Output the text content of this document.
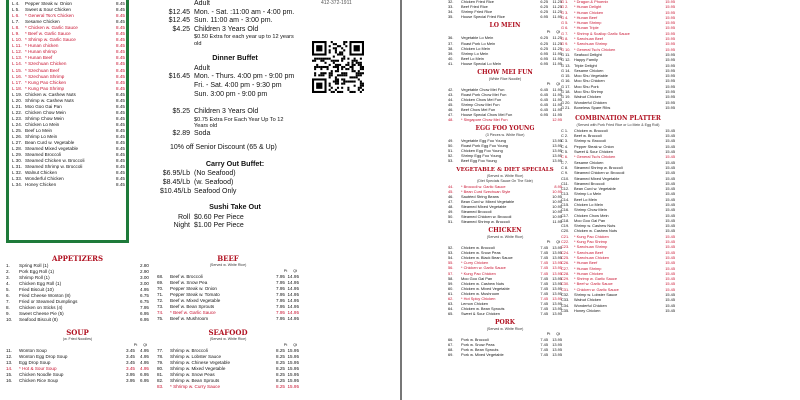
L 4.	Pepper Steak w. Onion	8.45
L 5.	Sweet & Sour Chicken	8.45
L 6.	* General Tso's Chicken	8.45
L 7.	Sesame Chicken	8.45
L 8.	* Chicken w. Garlic Sauce	8.45
L 9.	* Beef w. Garlic Sauce	8.45
L 10. * Shrimp w. Garlic Sauce	8.45
L 11. * Hunan chicken	8.45
L 12. * Hunan shrimp	8.45
L 13. * Hunan Beef	8.45
L 14. * Szechuan Chicken	8.45
L 15. * Szechuan Beef	8.45
L 16. * Szechuan Shrimp	8.45
L 17. * Kung Pao Chicken	8.45
L 18. * Kung Pao Shrimp	8.45
L 19. Chicken w. Cashew Nuts	8.45
L 20. Shrimp w. Cashew Nuts	8.45
L 21. Moo Goo Gai Pan	8.45
L 22. Chicken Chow Mein	8.45
L 23. Shrimp Chow Mein	8.45
L 24. Chicken Lo Mein	8.45
L 25. Beef Lo Mein	8.45
L 26. Shrimp Lo Mein	8.45
L 27. Bean Curd w. Vegetable	8.45
L 28. Steamed Mixed vegetable	8.45
L 29. Steamed Broccoli	8.45
L 30. Steamed Chicken w. Broccoli	8.45
L 31. Steamed Shrimp w. Broccoli	8.45
L 32. Walnut Chicken	8.45
L 33. Wonderful Chicken	8.45
L 34. Honey Chicken	8.45
Adult
$12.45 Mon. - Sat. :11:00 am - 4:00 pm.
$12.45 Sun. 11:00 am - 3:00 pm.
$4.25 Children 3 Years Old
$0.50 Extra for each year up to 12 years old
Dinner Buffet
Adult
$16.45 Mon. - Thurs. 4:00 pm - 9:00 pm
Fri. - Sat. 4:00 pm - 9:30 pm
Sun. 3:00 pm - 9:00 pm
$5.25 Children 3 Years Old
$0.75 Extra For Each Year Up To 12 Years old
$2.89 Soda
10% off Senior Discount (65 & Up)
Carry Out Buffet:
$6.95/Lb (No Seafood)
$8.45/Lb (w. Seafood)
$10.45/Lb Seafood Only
Sushi Take Out
Roll $0.60 Per Piece
Night $1.00 Per Piece
412-372-1911
APPETIZERS
1.	Spring Roll (1)	2.80
2.	Pork Egg Roll (1)	2.90
3.	Shrimp Roll (1)	3.00
4.	Chicken Egg Roll (1)	3.00
5.	Fried Biscuit (10)	4.95
6.	Fried Cheese Wonton (8)	6.75
7.	Fried or Steamed Dumplings	6.75
8.	Chicken on Sticks (4)	7.95
9.	Sweet Cheese Pie (5)	6.95
10.	Seafood Biscuit (8)	6.95
SOUP
(w. Fried Noodles)
Pt Qt
11.	Wonton Soup	3.45	4.95
12.	Wonton Egg Drop Soup	3.45	4.95
13.	Egg Drop Soup	3.45	4.95
14.	* Hot & Sour Soup	3.45	4.95
15.	Chicken Noodle Soup	3.95	6.95
16.	Chicken Rice Soup	3.95	6.95
BEEF
(Served w. White Rice)
Pt Qt
68.	Beef w. Broccoli	7.95 14.95
69.	Beef w. Snow Pea	7.95 14.95
70.	Pepper Steak w. Onion	7.95 14.95
71.	Pepper Steak w. Tomato	7.95 14.95
72.	Beef w. Mixed Vegetable	7.95 14.95
73.	Beef w. Bean Sprouts	7.95 14.95
74.	* Beef w. Garlic Sauce	7.95 14.95
75.	Beef w. Mushroom	7.95 14.95
SEAFOOD
(Served w. White Rice)
Pt Qt
77.	Shrimp w. Broccoli	8.25 15.95
78.	Shrimp w. Lobster Sauce	8.25 15.95
79.	Shrimp w. Chinese Vegetable	8.25 15.95
80.	Shrimp w. Mixed Vegetable	8.25 15.95
81.	Shrimp w. Snow Peas	8.25 15.95
82.	Shrimp w. Bean Sprouts	8.25 15.95
83.	* Shrimp w. Curry Sauce	8.25 15.95
32.	Chicken Fried Rice	6.25	11.25
33.	Beef Fried Rice	6.25	11.25
34.	Shrimp Fried Rice	6.25	11.25
35.	House Special Fried Rice	6.95	11.95
LO MEIN
Pt Qt
36.	Vegetable Lo Mein	6.25	11.25
37.	Roast Pork Lo Mein	6.25	11.25
38.	Chicken Lo Mein	6.25	11.25
39.	Shrimp Lo Mein	6.95	11.95
40.	Beef Lo Mein	6.95	11.95
41.	House Special Lo Mein	6.95	11.95
CHOW MEI FUN
(White Rice Noodle)
Pt Qt
42.	Vegetable Chow Mei Fun	6.45	11.95
43.	Roast Pork Chow Mei Fun	6.45	11.95
44.	Chicken Chow Mei Fun	6.45	11.95
45.	Shrimp Chow Mei Fun	6.45	11.95
46.	Beef Chow Mei Fun	6.45	11.95
47.	House Special Chow Mei Fun	6.95	11.95
48.	* Singapore Chow Mei Fun	12.95
EGG FOO YOUNG
(3 Pieces w. White Rice)
49.	Vegetable Egg Foo Young	13.95
50.	Roast Pork Egg Foo Young	13.95
51.	Chicken Egg Foo Young	13.95
52.	Shrimp Egg Foo Young	13.95
53.	Beef Egg Foo Young	13.95
VEGETABLE & DIET SPECIALS
(Served w. White Rice)
(Diet Specials Sauce On The Side)
44.	* Broccoli w. Garlic Sauce	8.95
45.	* Bean Curd Szechuan Style	10.95
46.	Sautéed String Beans	10.95
47.	Bean Curd w. Mixed Vegetable	10.95
48.	Steamed Mixed Vegetable	10.95
49.	Steamed Broccoli	10.95
50.	Steamed Chicken w. Broccoli	10.95
51.	Steamed Shrimp w. Broccoli	11.95
CHICKEN
(Served w. White Rice)
Pt Qt
52.	Chicken w. Broccoli	7.45	13.95
53.	Chicken w. Snow Peas	7.45	13.95
54.	Chicken w. Black Bean Sauce	7.45	13.95
55.	* Curry Chicken	7.45	13.95
56.	* Chicken w. Garlic Sauce	7.45	13.95
57.	* Kung Pao Chicken	7.45	13.95
58.	Moo Goo Gai Pan	7.45	13.95
59.	Chicken w. Cashew Nuts	7.45	13.95
60.	Chicken w. Mixed Vegetable	7.45	13.95
61.	Chicken w. Mushroom	7.45	13.95
62.	* Hot Spicy Chicken	7.45	13.95
63.	Lemon Chicken	7.45	13.95
64.	Chicken w. Bean Sprouts	7.45	13.95
65.	Sweet & Sour Chicken	7.45	13.95
PORK
(Served w. White Rice)
Pt Qt
66.	Pork w. Broccoli	7.45	13.95
67.	Pork w. Snow Peas	7.45	13.95
68.	Pork w. Bean Sprouts	7.45	13.95
69.	Pork w. Mixed Vegetable	7.45	13.95
G 1.	* Dragon & Phoenix	15.95
G 2.	* Hunan Delight	15.95
G 3.	* Hunan Chicken	15.95
G 4.	* Hunan Beef	15.95
G 5.	* Hunan Shrimp	15.95
G 6.	* Hunan Triple	15.95
G 7.	* Shrimp & Scallop Garlic Sauce	15.95
G 8.	* Szechuan Beef	15.95
G 9.	* Szechuan Shrimp	15.95
G 10. * General Tso's Chicken	15.95
G 11. Seafood Delight	15.95
G 12. Happy Family	15.95
G 13. Triple Delight	15.95
G 14. Sesame Chicken	15.95
G 15. Moo Shu Vegetable	15.95
G 16. Moo Shu Chicken	15.95
G 17. Moo Shu Pork	15.95
G 18. Moo Shu Shrimp	15.95
G 19. Walnut Chicken	15.95
G 20. Wonderful Chicken	15.95
G 21. Boneless Spare Ribs	15.95
COMBINATION PLATTER
(Served with Pork Fried Rice or Lo Mein & Egg Roll)
C 1.	Chicken w. Broccoli	15.45
C 2.	Beef w. Broccoli	15.45
C 3.	Shrimp w. Broccoli	15.45
C 4.	Pepper Steak w. Onion	15.45
C 5.	Sweet & Sour Chicken	15.45
C 6.	* General Tso's Chicken	15.45
C 7.	Sesame Chicken	15.45
C 8.	Steamed Shrimp w. Broccoli	15.45
C 9.	Steamed Chicken w. Broccoli	15.45
C10.	Steamed Mixed Vegetable	15.45
C11.	Steamed Broccoli	15.45
C12.	Bean Curd w. Vegetable	15.45
C13.	Shrimp Lo Mein	15.45
C14.	Beef Lo Mein	15.45
C15.	Chicken Lo Mein	15.45
C16.	Shrimp Chow Mein	15.45
C17.	Chicken Chow Mein	15.45
C18.	Moo Goo Gai Pan	15.45
C19.	Shrimp w. Cashew Nuts	15.45
C20.	Chicken w. Cashew Nuts	15.45
C21.	* Kung Pao Chicken	15.45
C22.	* Kung Pao Shrimp	15.45
C23.	* Szechuan Shrimp	15.45
C24.	* Szechuan Beef	15.45
C25.	* Szechuan Chicken	15.45
C26.	* Hunan Beef	15.45
C27.	* Hunan Shrimp	15.45
C28.	* Hunan Chicken	15.45
C29.	* Shrimp w. Garlic Sauce	15.45
C30.	* Beef w. Garlic Sauce	15.45
C31.	* Chicken w. Garlic Sauce	15.45
C32.	Shrimp w. Lobster Sauce	15.45
C33.	Walnut Chicken	15.45
C34.	Wonderful Chicken	15.45
C35.	Honey Chicken	15.45
